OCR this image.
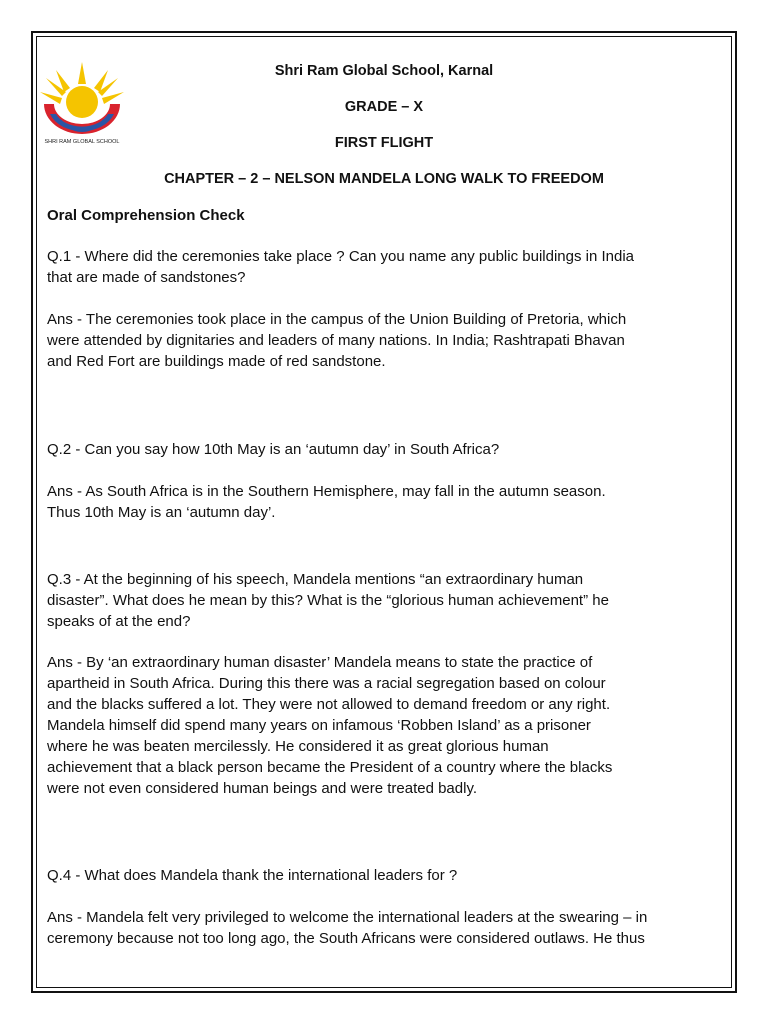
SHRI RAM GLOBAL SCHOOL
Shri Ram Global School, Karnal
GRADE – X
FIRST FLIGHT
CHAPTER – 2 – NELSON MANDELA LONG WALK TO FREEDOM
Oral Comprehension Check
Q.1 - Where did the ceremonies take place ? Can you name any public buildings in India
that are made of sandstones?
Ans - The ceremonies took place in the campus of the Union Building of Pretoria, which
were attended by dignitaries and leaders of many nations. In India; Rashtrapati Bhavan
and Red Fort are buildings made of red sandstone.
Q.2 - Can you say how 10th May is an ‘autumn day’ in South Africa?
Ans - As South Africa is in the Southern Hemisphere, may fall in the autumn season.
Thus 10th May is an ‘autumn day’.
Q.3 - At the beginning of his speech, Mandela mentions “an extraordinary human
disaster”. What does he mean by this? What is the “glorious human achievement” he
speaks of at the end?
Ans - By ‘an extraordinary human disaster’ Mandela means to state the practice of
apartheid in South Africa. During this there was a racial segregation based on colour
and the blacks suffered a lot. They were not allowed to demand freedom or any right.
Mandela himself did spend many years on infamous ‘Robben Island’ as a prisoner
where he was beaten mercilessly. He considered it as great glorious human
achievement that a black person became the President of a country where the blacks
were not even considered human beings and were treated badly.
Q.4 - What does Mandela thank the international leaders for ?
Ans - Mandela felt very privileged to welcome the international leaders at the swearing – in
ceremony because not too long ago, the South Africans were considered outlaws. He thus
